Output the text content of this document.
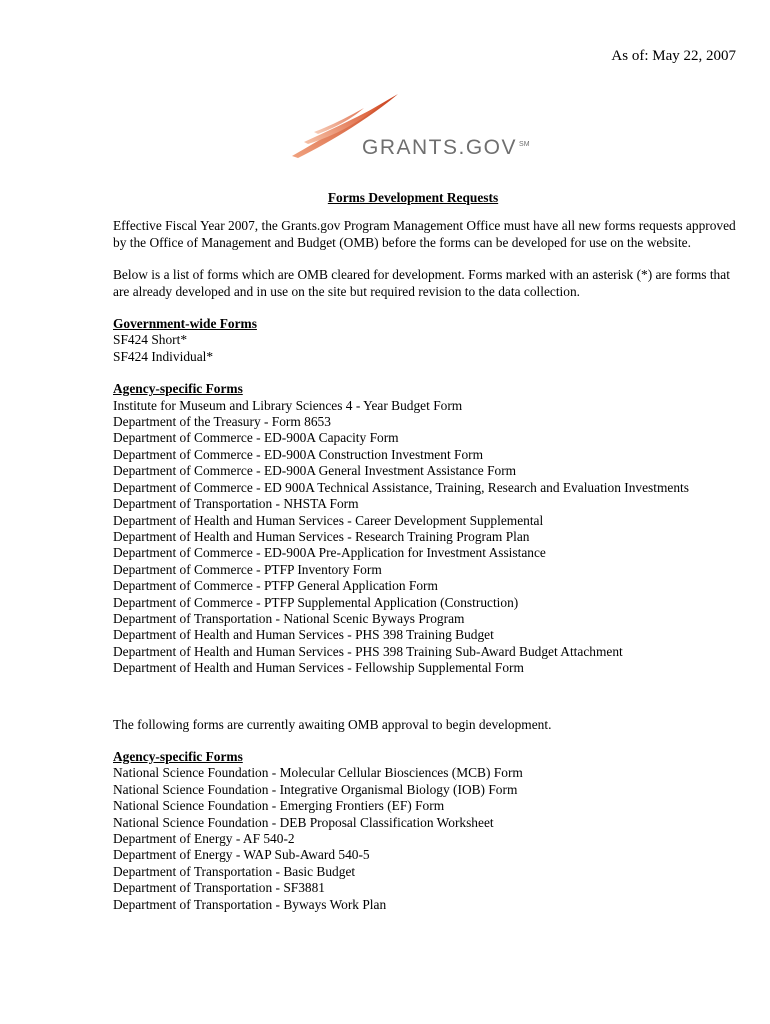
As of: May 22, 2007
GRANTS.GOV ℠
Forms Development Requests

Effective Fiscal Year 2007, the Grants.gov Program Management Office must have all new forms requests approved by the Office of Management and Budget (OMB) before the forms can be developed for use on the website.

Below is a list of forms which are OMB cleared for development. Forms marked with an asterisk (*) are forms that are already developed and in use on the site but required revision to the data collection.

Government-wide Forms
SF424 Short*
SF424 Individual*
Agency-specific Forms
Institute for Museum and Library Sciences 4 - Year Budget Form
Department of the Treasury - Form 8653
Department of Commerce - ED-900A Capacity Form
Department of Commerce - ED-900A Construction Investment Form
Department of Commerce - ED-900A General Investment Assistance Form
Department of Commerce - ED 900A Technical Assistance, Training, Research and Evaluation Investments
Department of Transportation - NHSTA Form
Department of Health and Human Services - Career Development Supplemental
Department of Health and Human Services - Research Training Program Plan
Department of Commerce - ED-900A Pre-Application for Investment Assistance
Department of Commerce - PTFP Inventory Form
Department of Commerce - PTFP General Application Form
Department of Commerce - PTFP Supplemental Application (Construction)
Department of Transportation - National Scenic Byways Program
Department of Health and Human Services - PHS 398 Training Budget
Department of Health and Human Services - PHS 398 Training Sub-Award Budget Attachment
Department of Health and Human Services - Fellowship Supplemental Form

The following forms are currently awaiting OMB approval to begin development.

Agency-specific Forms
National Science Foundation - Molecular Cellular Biosciences (MCB) Form
National Science Foundation - Integrative Organismal Biology (IOB) Form
National Science Foundation - Emerging Frontiers (EF) Form
National Science Foundation - DEB Proposal Classification Worksheet
Department of Energy - AF 540-2
Department of Energy - WAP Sub-Award 540-5
Department of Transportation - Basic Budget
Department of Transportation - SF3881
Department of Transportation - Byways Work Plan
